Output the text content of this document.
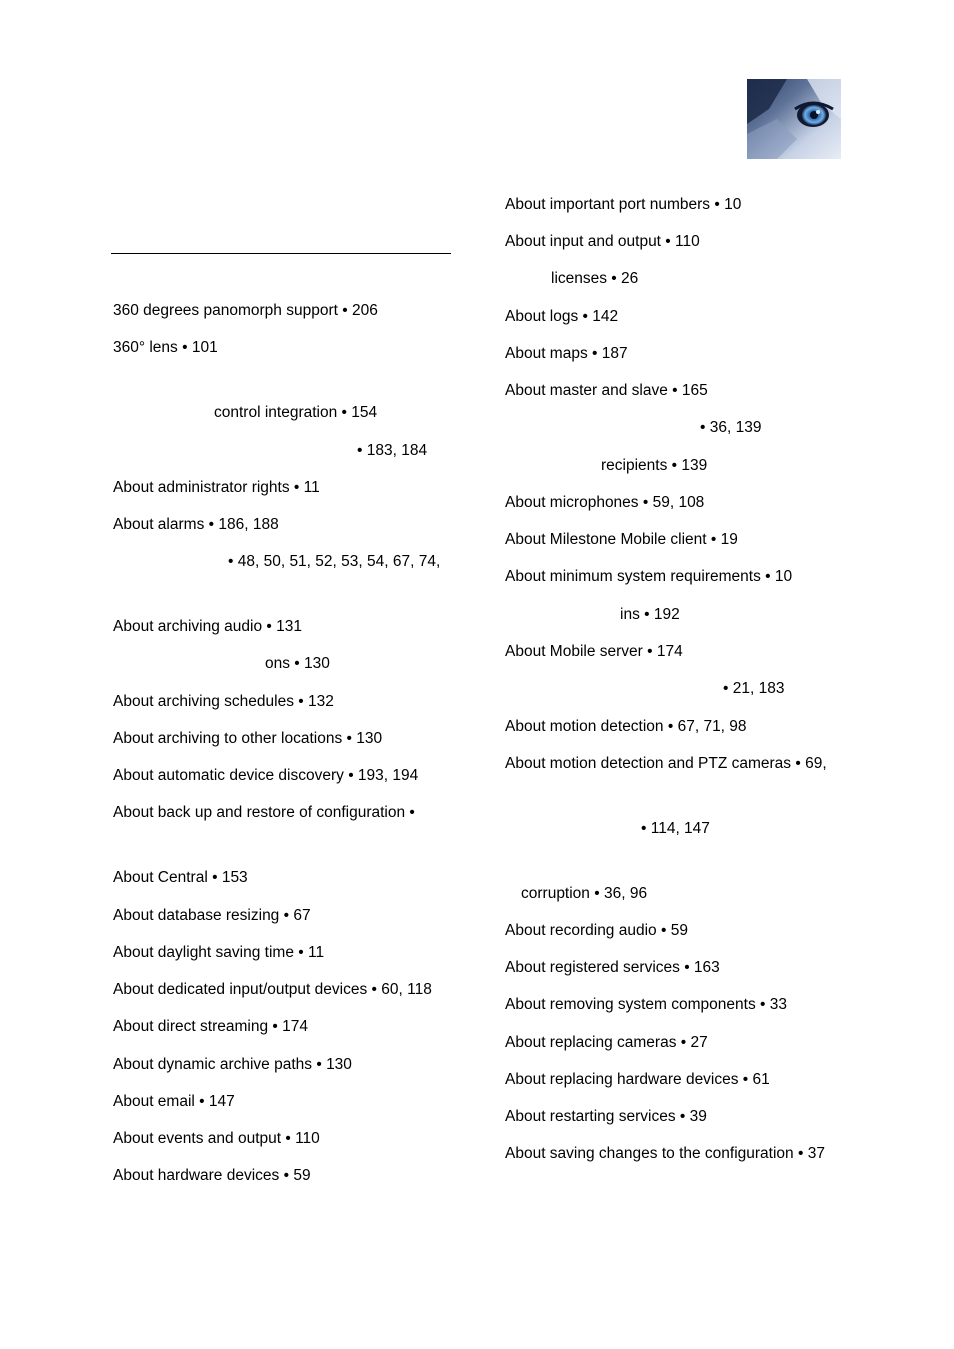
360 degrees panomorph support • 206
360° lens • 101
control integration • 154
• 183, 184
About administrator rights • 11
About alarms • 186, 188
• 48, 50, 51, 52, 53, 54, 67, 74,
About archiving audio • 131
ons • 130
About archiving schedules • 132
About archiving to other locations • 130
About automatic device discovery • 193, 194
About back up and restore of configuration •
About Central • 153
About database resizing • 67
About daylight saving time • 11
About dedicated input/output devices • 60, 118
About direct streaming • 174
About dynamic archive paths • 130
About email • 147
About events and output • 110
About hardware devices • 59
About important port numbers • 10
About input and output • 110
licenses • 26
About logs • 142
About maps • 187
About master and slave • 165
• 36, 139
recipients • 139
About microphones • 59, 108
About Milestone Mobile client • 19
About minimum system requirements • 10
ins • 192
About Mobile server • 174
• 21, 183
About motion detection • 67, 71, 98
About motion detection and PTZ cameras • 69,
• 114, 147
corruption • 36, 96
About recording audio • 59
About registered services • 163
About removing system components • 33
About replacing cameras • 27
About replacing hardware devices • 61
About restarting services • 39
About saving changes to the configuration • 37
